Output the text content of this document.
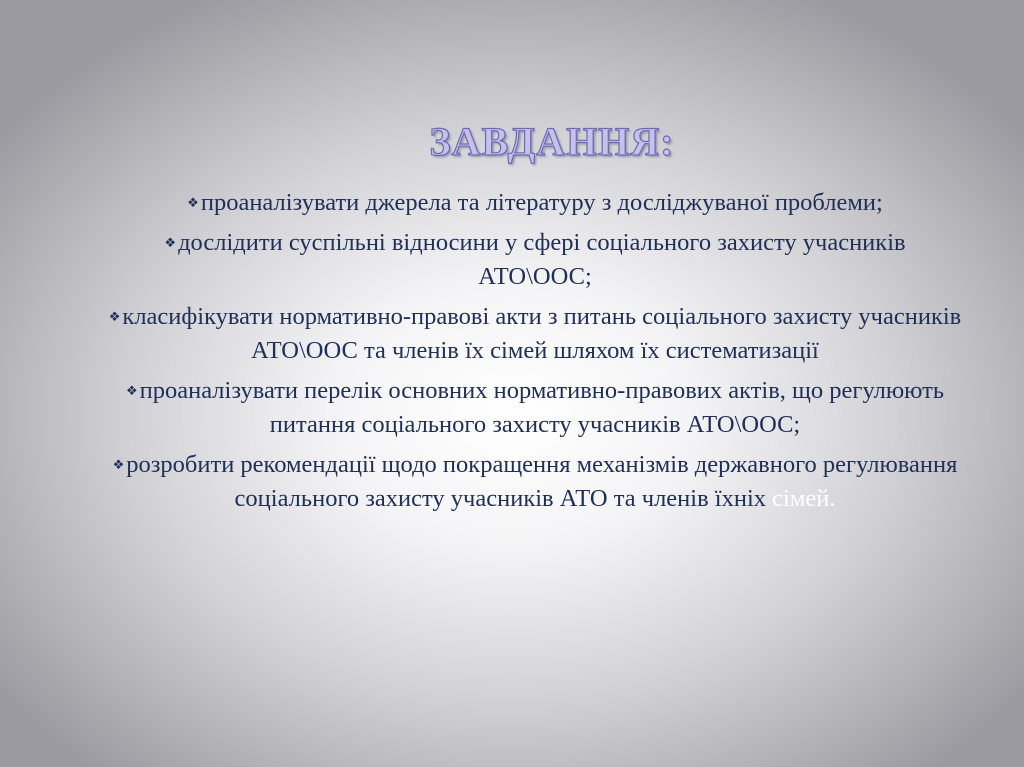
ЗАВДАННЯ:
❖проаналізувати джерела та літературу з досліджуваної проблеми;
❖дослідити суспільні відносини у сфері соціального захисту учасників АТО\ООС;
❖класифікувати нормативно-правові акти з питань соціального захисту учасників АТО\ООС та членів їх сімей шляхом їх систематизації
❖проаналізувати перелік основних нормативно-правових актів, що регулюють питання соціального захисту учасників АТО\ООС;
❖розробити рекомендації щодо покращення механізмів державного регулювання соціального захисту учасників АТО та членів їхніх сімей.
